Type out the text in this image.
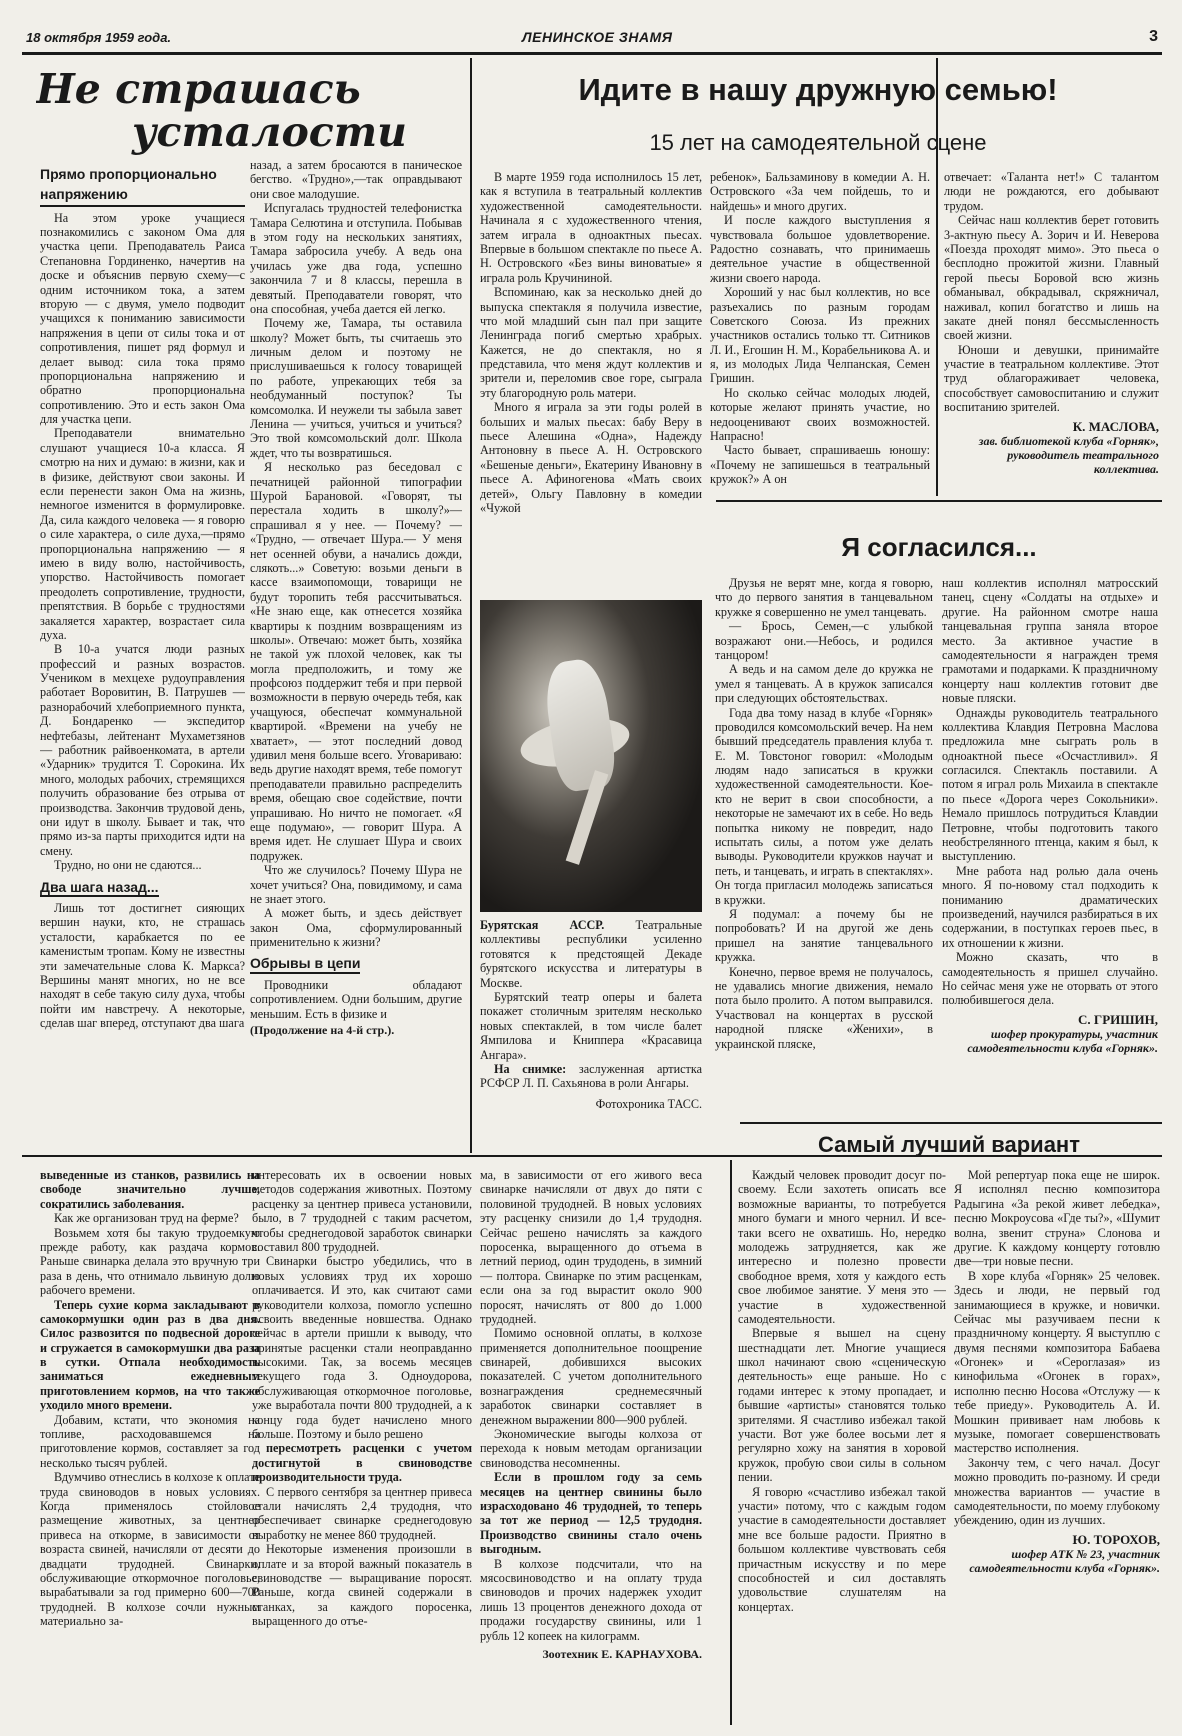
18 октября 1959 года.	ЛЕНИНСКОЕ ЗНАМЯ	3
Не страшась
усталости
Прямо пропорционально напряжению

На этом уроке учащиеся познакомились с законом Ома для участка цепи. Преподаватель Раиса Степановна Гординенко, начертив на доске и объяснив первую схему—с одним источником тока, а затем вторую — с двумя, умело подводит учащихся к пониманию зависимости напряжения в цепи от силы тока и от сопротивления, пишет ряд формул и делает вывод: сила тока прямо пропорциональна напряжению и обратно пропорциональна сопротивлению. Это и есть закон Ома для участка цепи.

Преподаватели внимательно слушают учащиеся 10-а класса. Я смотрю на них и думаю: в жизни, как и в физике, действуют свои законы. И если перенести закон Ома на жизнь, немногое изменится в формулировке. Да, сила каждого человека — я говорю о силе характера, о силе духа,—прямо пропорциональна напряжению — я имею в виду волю, настойчивость, упорство. Настойчивость помогает преодолеть сопротивление, трудности, препятствия. В борьбе с трудностями закаляется характер, возрастает сила духа.

В 10-а учатся люди разных профессий и разных возрастов. Учеником в мехцехе рудоуправления работает Воровитин, В. Патрушев — разнорабочий хлебоприемного пункта, Д. Бондаренко — экспедитор нефтебазы, лейтенант Мухаметзянов — работник райвоенкомата, в артели «Ударник» трудится Т. Сорокина. Их много, молодых рабочих, стремящихся получить образование без отрыва от производства. Закончив трудовой день, они идут в школу. Бывает и так, что прямо из-за парты приходится идти на смену.

Трудно, но они не сдаются...

Два шага назад...

Лишь тот достигнет сияющих вершин науки, кто, не страшась усталости, карабкается по ее каменистым тропам. Кому не известны эти замечательные слова К. Маркса? Вершины манят многих, но не все находят в себе такую силу духа, чтобы пойти им навстречу. А некоторые, сделав шаг вперед, отступают два шага

назад, а затем бросаются в паническое бегство. «Трудно»,—так оправдывают они свое малодушие.

Испугалась трудностей телефонистка Тамара Селютина и отступила. Побывав в этом году на нескольких занятиях, Тамара забросила учебу. А ведь она училась уже два года, успешно закончила 7 и 8 классы, перешла в девятый. Преподаватели говорят, что она способная, учеба дается ей легко.

Почему же, Тамара, ты оставила школу? Может быть, ты считаешь это личным делом и поэтому не прислушиваешься к голосу товарищей по работе, упрекающих тебя за необдуманный поступок? Ты комсомолка. И неужели ты забыла завет Ленина — учиться, учиться и учиться? Это твой комсомольский долг. Школа ждет, что ты возвратишься.

Я несколько раз беседовал с печатницей районной типографии Шурой Барановой. «Говорят, ты перестала ходить в школу?»—спрашивал я у нее. — Почему? — «Трудно, — отвечает Шура.— У меня нет осенней обуви, а начались дожди, слякоть...» Советую: возьми деньги в кассе взаимопомощи, товарищи не будут торопить тебя рассчитываться. «Не знаю еще, как отнесется хозяйка квартиры к поздним возвращениям из школы». Отвечаю: может быть, хозяйка не такой уж плохой человек, как ты могла предположить, и тому же профсоюз поддержит тебя и при первой возможности в первую очередь тебя, как учащуюся, обеспечат коммунальной квартирой. «Времени на учебу не хватает», — этот последний довод удивил меня больше всего. Уговариваю: ведь другие находят время, тебе помогут преподаватели правильно распределить время, обещаю свое содействие, почти упрашиваю. Но ничто не помогает. «Я еще подумаю», — говорит Шура. А время идет. Не слушает Шура и своих подружек.

Что же случилось? Почему Шура не хочет учиться? Она, повидимому, и сама не знает этого.

А может быть, и здесь действует закон Ома, сформулированный применительно к жизни?

Обрывы в цепи

Проводники обладают сопротивлением. Одни большим, другие меньшим. Есть в физике и

(Продолжение на 4-й стр.).
Идите в нашу дружную семью!
15 лет на самодеятельной сцене

В марте 1959 года исполнилось 15 лет, как я вступила в театральный коллектив художественной самодеятельности. Начинала я с художественного чтения, затем играла в одноактных пьесах. Впервые в большом спектакле по пьесе А. Н. Островского «Без вины виноватые» я играла роль Кручининой.

Вспоминаю, как за несколько дней до выпуска спектакля я получила известие, что мой младший сын пал при защите Ленинграда погиб смертью храбрых. Кажется, не до спектакля, но я представила, что меня ждут коллектив и зрители и, переломив свое горе, сыграла эту благородную роль матери.

Много я играла за эти годы ролей в больших и малых пьесах: бабу Веру в пьесе Алешина «Одна», Надежду Антоновну в пьесе А. Н. Островского «Бешеные деньги», Екатерину Ивановну в пьесе А. Афиногенова «Мать своих детей», Ольгу Павловну в комедии «Чужой

ребенок», Бальзаминову в комедии А. Н. Островского «За чем пойдешь, то и найдешь» и много других.

И после каждого выступления я чувствовала большое удовлетворение. Радостно сознавать, что принимаешь деятельное участие в общественной жизни своего народа.

Хороший у нас был коллектив, но все разъехались по разным городам Советского Союза. Из прежних участников остались только тт. Ситников Л. И., Егошин Н. М., Корабельникова А. и я, из молодых Лида Челпанская, Семен Гришин.

Но сколько сейчас молодых людей, которые желают принять участие, но недооценивают своих возможностей. Напрасно!

Часто бывает, спрашиваешь юношу: «Почему не запишешься в театральный кружок?» А он

отвечает: «Таланта нет!» С талантом люди не рождаются, его добывают трудом.

Сейчас наш коллектив берет готовить 3-актную пьесу А. Зорич и И. Неверова «Поезда проходят мимо». Это пьеса о бесплодно прожитой жизни. Главный герой пьесы Боровой всю жизнь обманывал, обкрадывал, скряжничал, наживал, копил богатство и лишь на закате дней понял бессмысленность своей жизни.

Юноши и девушки, принимайте участие в театральном коллективе. Этот труд облагораживает человека, способствует самовоспитанию и служит воспитанию зрителей.

К. МАСЛОВА,
зав. библиотекой клуба «Горняк», руководитель театрального коллектива.

Бурятская АССР.	Театральные коллективы республики усиленно готовятся к предстоящей Декаде бурятского искусства и литературы в Москве.

Бурятский театр оперы и балета покажет столичным зрителям несколько новых спектаклей, в том числе балет Ямпилова и Книппера «Красавица Ангара».

На снимке: заслуженная артистка РСФСР Л. П. Сахьянова в роли Ангары.

Фотохроника ТАСС.
Я согласился...

Друзья не верят мне, когда я говорю, что до первого занятия в танцевальном кружке я совершенно не умел танцевать.

— Брось, Семен,—с улыбкой возражают они.—Небось, и родился танцором!

А ведь и на самом деле до кружка не умел я танцевать. А в кружок записался при следующих обстоятельствах.

Года два тому назад в клубе «Горняк» проводился комсомольский вечер. На нем бывший председатель правления клуба т. Е. М. Товстоног говорил: «Молодым людям надо записаться в кружки художественной самодеятельности. Кое-кто не верит в свои способности, а некоторые не замечают их в себе. Но ведь попытка никому не повредит, надо испытать силы, а потом уже делать выводы. Руководители кружков научат и петь, и танцевать, и играть в спектаклях». Он тогда пригласил молодежь записаться в кружки.

Я подумал: а почему бы не попробовать? И на другой же день пришел на занятие танцевального кружка.

Конечно, первое время не получалось, не удавались многие движения, немало пота было пролито. А потом выправился. Участвовал на концертах в русской народной пляске «Женихи», в украинской пляске,

наш коллектив исполнял матросский танец, сцену «Солдаты на отдыхе» и другие. На районном смотре наша танцевальная группа заняла второе место. За активное участие в самодеятельности я награжден тремя грамотами и подарками. К праздничному концерту наш коллектив готовит две новые пляски.

Однажды руководитель театрального коллектива Клавдия Петровна Маслова предложила мне сыграть роль в одноактной пьесе «Осчастливил». Я согласился. Спектакль поставили. А потом я играл роль Михаила в спектакле по пьесе «Дорога через Сокольники». Немало пришлось потрудиться Клавдии Петровне, чтобы подготовить такого необстрелянного птенца, каким я был, к выступлению.

Мне работа над ролью дала очень много. Я по-новому стал подходить к пониманию драматических произведений, научился разбираться в их содержании, в поступках героев пьес, в их отношении к жизни.

Можно сказать, что в самодеятельность я пришел случайно. Но сейчас меня уже не оторвать от этого полюбившегося дела.

С. ГРИШИН,
шофер прокуратуры, участник самодеятельности клуба «Горняк».

выведенные из станков, развились на свободе значительно лучше, сократились заболевания.

Как же организован труд на ферме?

Возьмем хотя бы такую трудоемкую прежде работу, как раздача кормов. Раньше свинарка делала это вручную три раза в день, что отнимало львиную долю рабочего времени.

Теперь сухие корма закладывают в самокормушки один раз в два дня. Силос развозится по подвесной дороге и сгружается в самокормушки два раза в сутки. Отпала необходимость заниматься ежедневным приготовлением кормов, на что также уходило много времени.

Добавим, кстати, что экономия на топливе, расходовавшемся на приготовление кормов, составляет за год несколько тысяч рублей.

Вдумчиво отнеслись в колхозе к оплате труда свиноводов в новых условиях. Когда применялось стойловое размещение животных, за центнер привеса на откорме, в зависимости от возраста свиней, начисляли от десяти до двадцати трудодней. Свинарки, обслуживающие откормочное поголовье, вырабатывали за год примерно 600—700 трудодней. В колхозе сочли нужным материально за-

интересовать их в освоении новых методов содержания животных. Поэтому расценку за центнер привеса установили, было, в 7 трудодней с таким расчетом, чтобы среднегодовой заработок свинарки составил 800 трудодней.

Свинарки быстро убедились, что в новых условиях труд их хорошо оплачивается. И это, как считают сами руководители колхоза, помогло успешно освоить введенные новшества. Однако сейчас в артели пришли к выводу, что принятые расценки стали неоправданно высокими. Так, за восемь месяцев текущего года З. Одноудорова, обслуживающая откормочное поголовье, уже выработала почти 800 трудодней, а к концу года будет начислено много больше. Поэтому и было решено

пересмотреть расценки с учетом достигнутой в свиноводстве производительности труда.

С первого сентября за центнер привеса стали начислять 2,4 трудодня, что обеспечивает свинарке среднегодовую выработку не менее 860 трудодней.

Некоторые изменения произошли в оплате и за второй важный показатель в свиноводстве — выращивание поросят. Раньше, когда свиней содержали в станках, за каждого поросенка, выращенного до отъе-

ма, в зависимости от его живого веса свинарке начисляли от двух до пяти с половиной трудодней. В новых условиях эту расценку снизили до 1,4 трудодня. Сейчас решено начислять за каждого поросенка, выращенного до отъема в летний период, один трудодень, в зимний — полтора. Свинарке по этим расценкам, если она за год вырастит около 900 поросят, начислять от 800 до 1.000 трудодней.

Помимо основной оплаты, в колхозе применяется дополнительное поощрение свинарей, добившихся высоких показателей. С учетом дополнительного вознаграждения среднемесячный заработок свинарки составляет в денежном выражении 800—900 рублей.

Экономические выгоды колхоза от перехода к новым методам организации свиноводства несомненны.

Если в прошлом году за семь месяцев на центнер свинины было израсходовано 46 трудодней, то теперь за тот же период — 12,5 трудодня. Производство свинины стало очень выгодным.

В колхозе подсчитали, что на мясосвиноводство и на оплату труда свиноводов и прочих надержек уходит лишь 13 процентов денежного дохода от продажи государству свинины, или 1 рубль 12 копеек на килограмм.

Зоотехник Е. КАРНАУХОВА.
Самый лучший вариант

Каждый человек проводит досуг по-своему. Если захотеть описать все возможные варианты, то потребуется много бумаги и много чернил. И все-таки всего не охватишь. Но, нередко молодежь затрудняется, как же интересно и полезно провести свободное время, хотя у каждого есть свое любимое занятие. У меня это — участие в художественной самодеятельности.

Впервые я вышел на сцену шестнадцати лет. Многие учащиеся школ начинают свою «сценическую деятельность» еще раньше. Но с годами интерес к этому пропадает, и бывшие «артисты» становятся только зрителями. Я счастливо избежал такой участи. Вот уже более восьми лет я регулярно хожу на занятия в хоровой кружок, пробую свои силы в сольном пении.

Я говорю «счастливо избежал такой участи» потому, что с каждым годом участие в самодеятельности доставляет мне все больше радости. Приятно в большом коллективе чувствовать себя причастным искусству и по мере способностей и сил доставлять удовольствие слушателям на концертах.

Мой репертуар пока еще не широк. Я исполнял песню композитора Радыгина «За рекой живет лебедка», песню Мокроусова «Где ты?», «Шумит волна, звенит струна» Слонова и другие. К каждому концерту готовлю две—три новые песни.

В хоре клуба «Горняк» 25 человек. Здесь и люди, не первый год занимающиеся в кружке, и новички. Сейчас мы разучиваем песни к праздничному концерту. Я выступлю с двумя песнями композитора Бабаева «Огонек» и «Сероглазая» из кинофильма «Огонек в горах», исполню песню Носова «Отслужу — к тебе приеду». Руководитель А. И. Мошкин прививает нам любовь к музыке, помогает совершенствовать мастерство исполнения.

Закончу тем, с чего начал. Досуг можно проводить по-разному. И среди множества вариантов — участие в самодеятельности, по моему глубокому убеждению, один из лучших.

Ю. ТОРОХОВ,
шофер АТК № 23, участник самодеятельности клуба «Горняк».
